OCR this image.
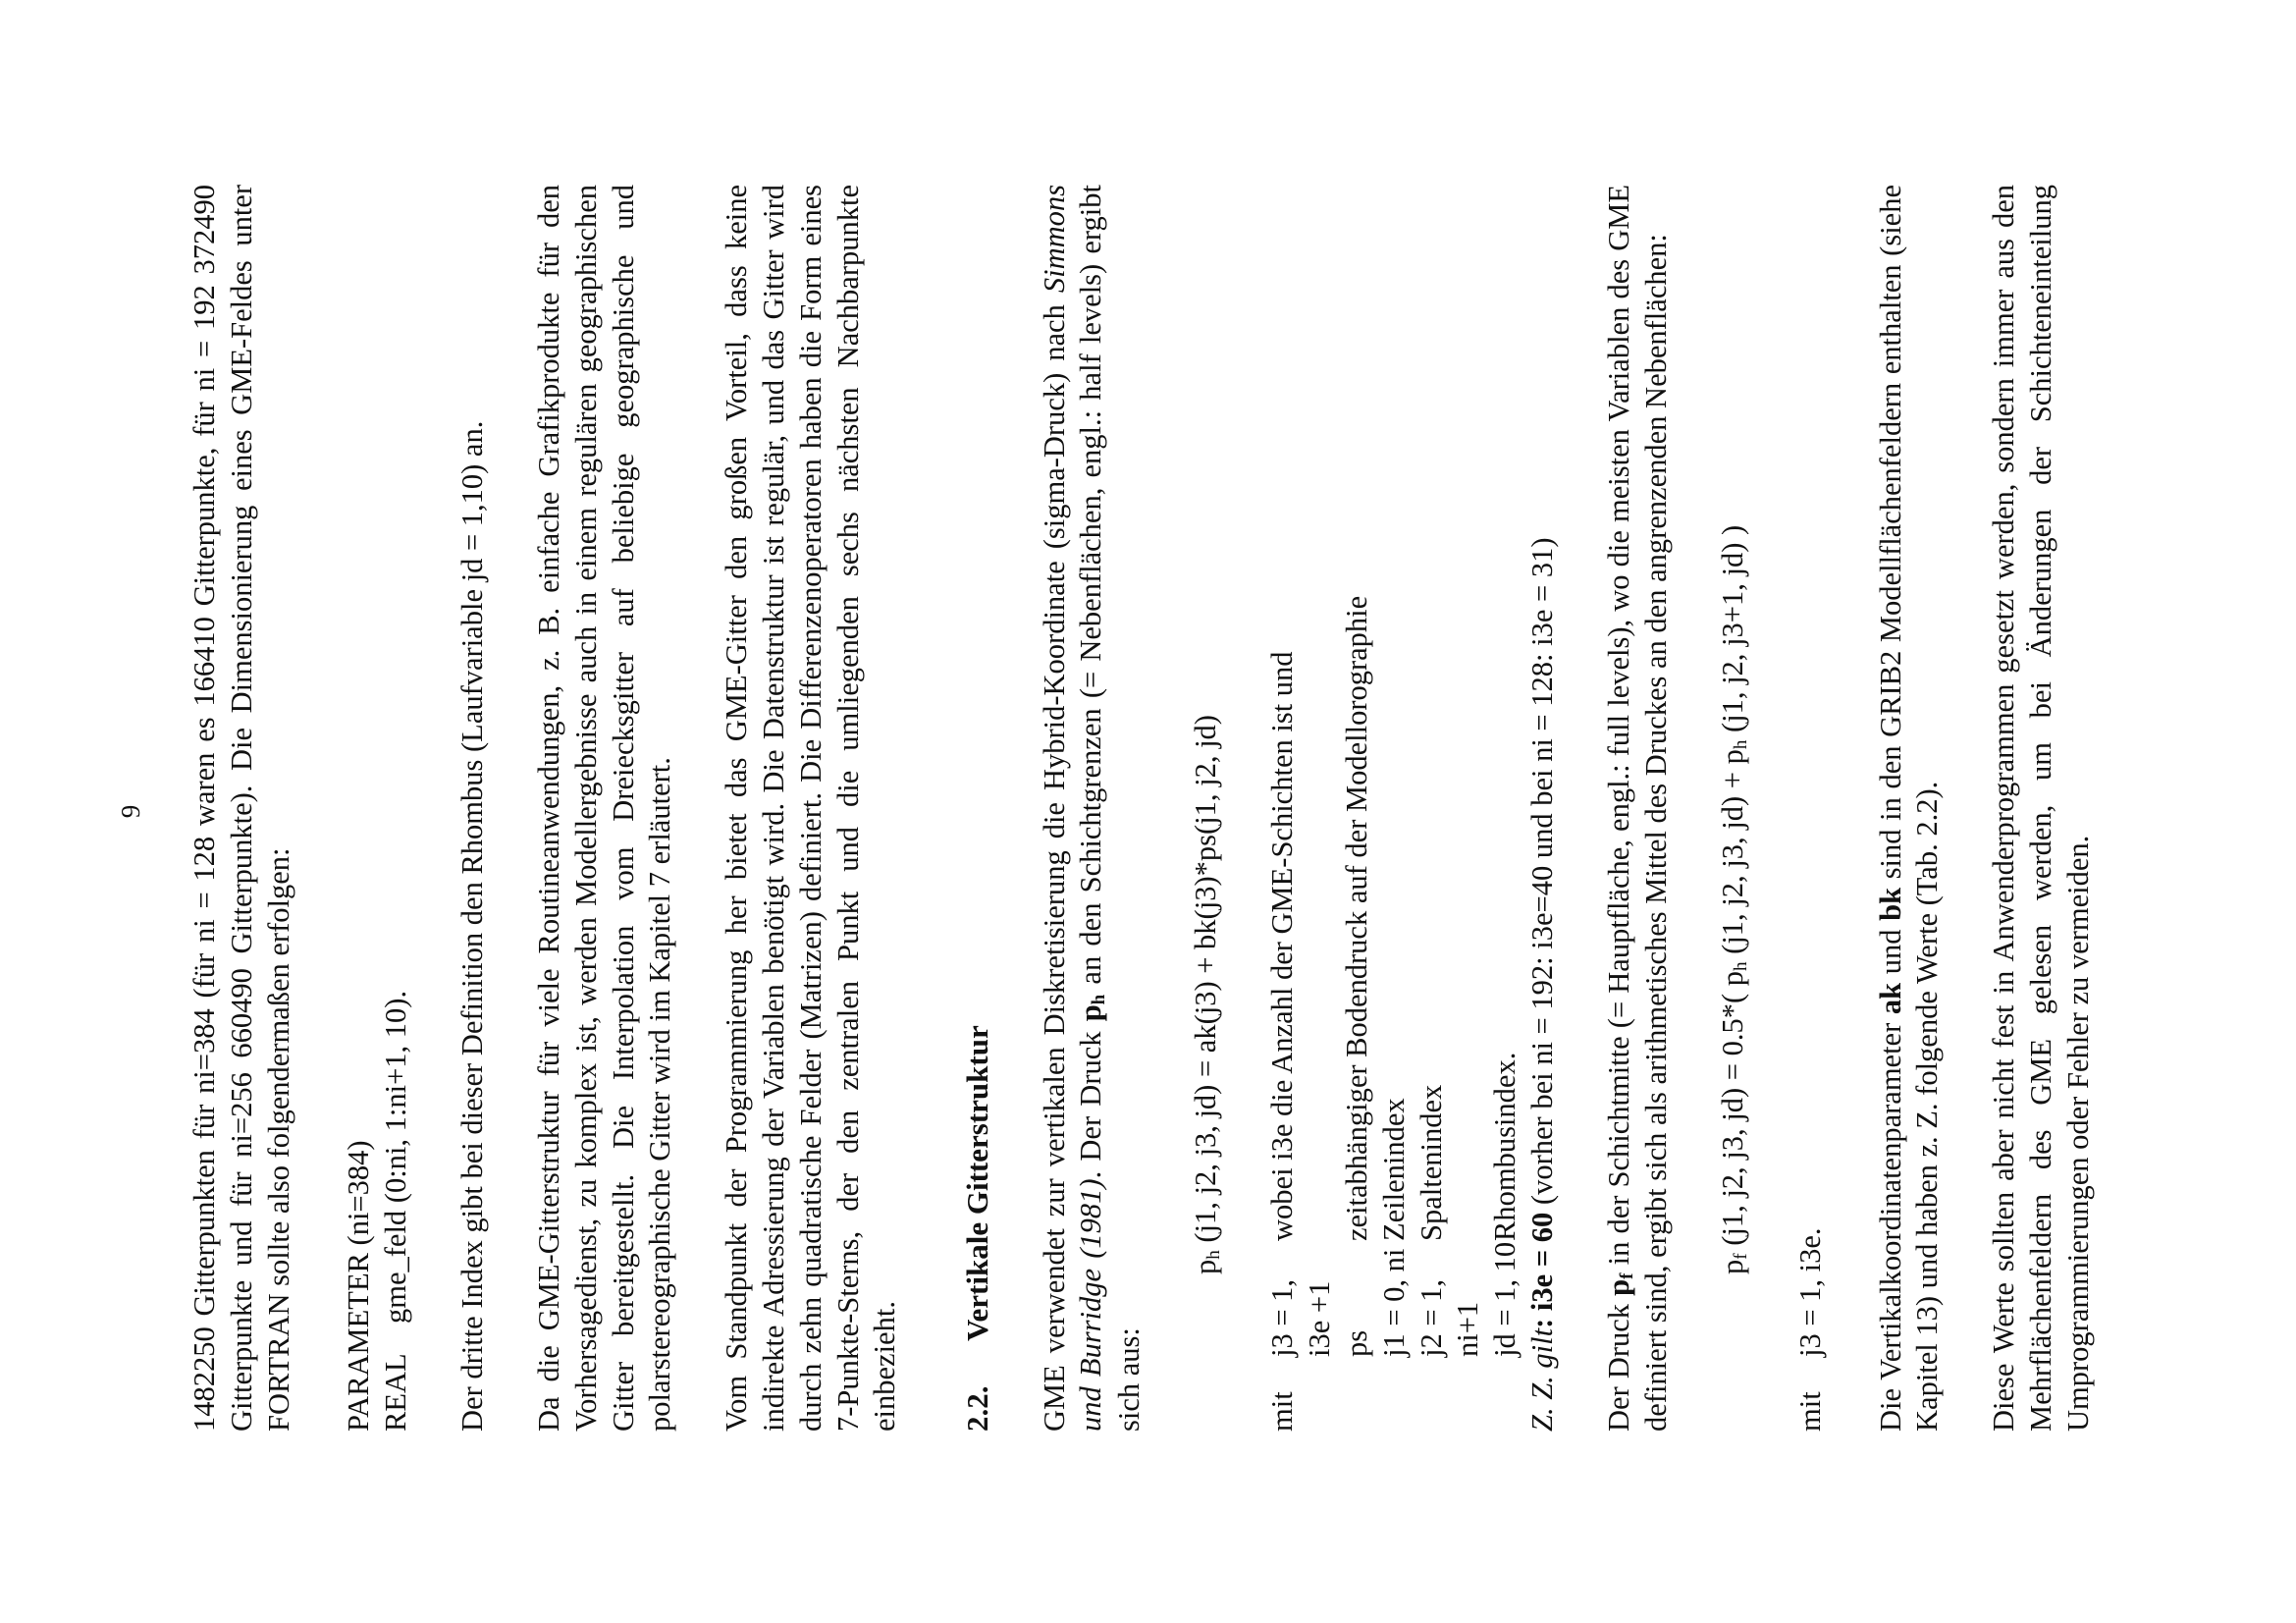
9 1482250 Gitterpunkten für ni=384 (für ni = 128 waren es 166410 Gitterpunkte, für ni = 192 372490 Gitterpunkte und für ni=256 660490 Gitterpunkte). Die Dimensionierung eines GME-Feldes unter FORTRAN sollte also folgendermaßen erfolgen: PARAMETER (ni=384) REAL
gme_feld (0:ni, 1:ni+1, 10). Der dritte Index gibt bei dieser Definition den Rhombus (Laufvariable jd = 1,10) an. Da die GME-Gitterstruktur für viele Routineanwendungen, z. B. einfache Grafikprodukte für den Vorhersagedienst, zu komplex ist, werden Modellergebnisse auch in einem regulären geographischen Gitter bereitgestellt. Die Interpolation vom Dreiecksgitter auf beliebige geographische und polarstereographische Gitter wird im Kapitel 7 erläutert. Vom Standpunkt der Programmierung her bietet das GME-Gitter den großen Vorteil, dass keine indirekte Adressierung der Variablen benötigt wird. Die Datenstruktur ist regulär, und das Gitter wird durch zehn quadratische Felder (Matrizen) definiert. Die Differenzenoperatoren haben die Form eines 7-Punkte-Sterns, der den zentralen Punkt und die umliegenden sechs nächsten Nachbarpunkte einbezieht. 2.2.
Vertikale Gitterstruktur GME verwendet zur vertikalen Diskretisierung die Hybrid-Koordinate (sigma-Druck) nach Simmons und Burridge (1981). Der Druck $p_h$ an den Schichtgrenzen (= Nebenflächen, engl.: half levels) ergibt sich aus:

$p_h$ (j1, j2, j3, jd) = ak(j3) + bk(j3)*ps(j1, j2, jd)

mit
j3 = 1, i3e +1
wobei i3e die Anzahl der GME-Schichten ist und
ps
zeitabhängiger Bodendruck auf der Modellorographie
j1 = 0, ni
Zeilenindex
j2 = 1, ni+1
Spaltenindex
jd = 1, 10
Rhombusindex.

Z. Z. gilt: i3e = 60 (vorher bei ni = 192: i3e=40 und bei ni = 128: i3e = 31)

Der Druck $p_f$ in der Schichtmitte (= Hauptfläche, engl.: full levels), wo die meisten Variablen des GME definiert sind, ergibt sich als arithmetisches Mittel des Druckes an den angrenzenden Nebenflächen: $p_f$ (j1, j2, j3, jd) = 0.5*( $p_h$ (j1, j2, j3, $jd) + p_h$ (j1, j2, j3+1, jd) )

mit
j3 = 1, i3e. Die Vertikalkoordinatenparameter ak und bk sind in den GRIB2 Modellflächenfeldern enthalten (siehe Kapitel 13) und haben z. Z. folgende Werte (Tab. 2.2). Diese Werte sollten aber nicht fest in Anwenderprogrammen gesetzt werden, sondern immer aus den Mehrflächenfeldern des GME gelesen werden, um bei Änderungen der Schichteneinteilung Umprogrammierungen oder Fehler zu vermeiden.
